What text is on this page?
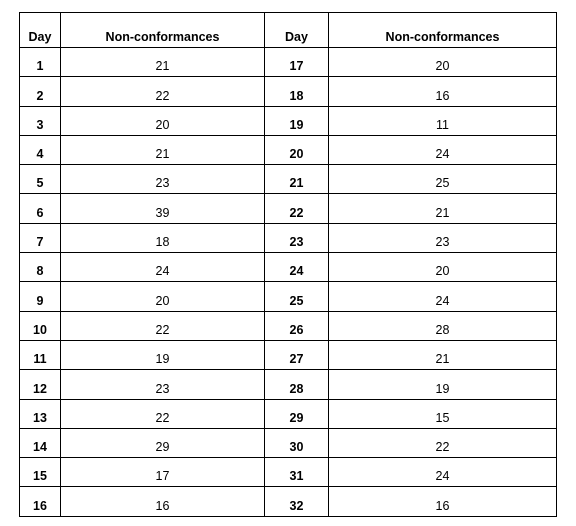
Day	Non-conformances	Day	Non-conformances
1	21	17	20
2	22	18	16
3	20	19	11
4	21	20	24
5	23	21	25
6	39	22	21
7	18	23	23
8	24	24	20
9	20	25	24
10	22	26	28
11	19	27	21
12	23	28	19
13	22	29	15
14	29	30	22
15	17	31	24
16	16	32	16
